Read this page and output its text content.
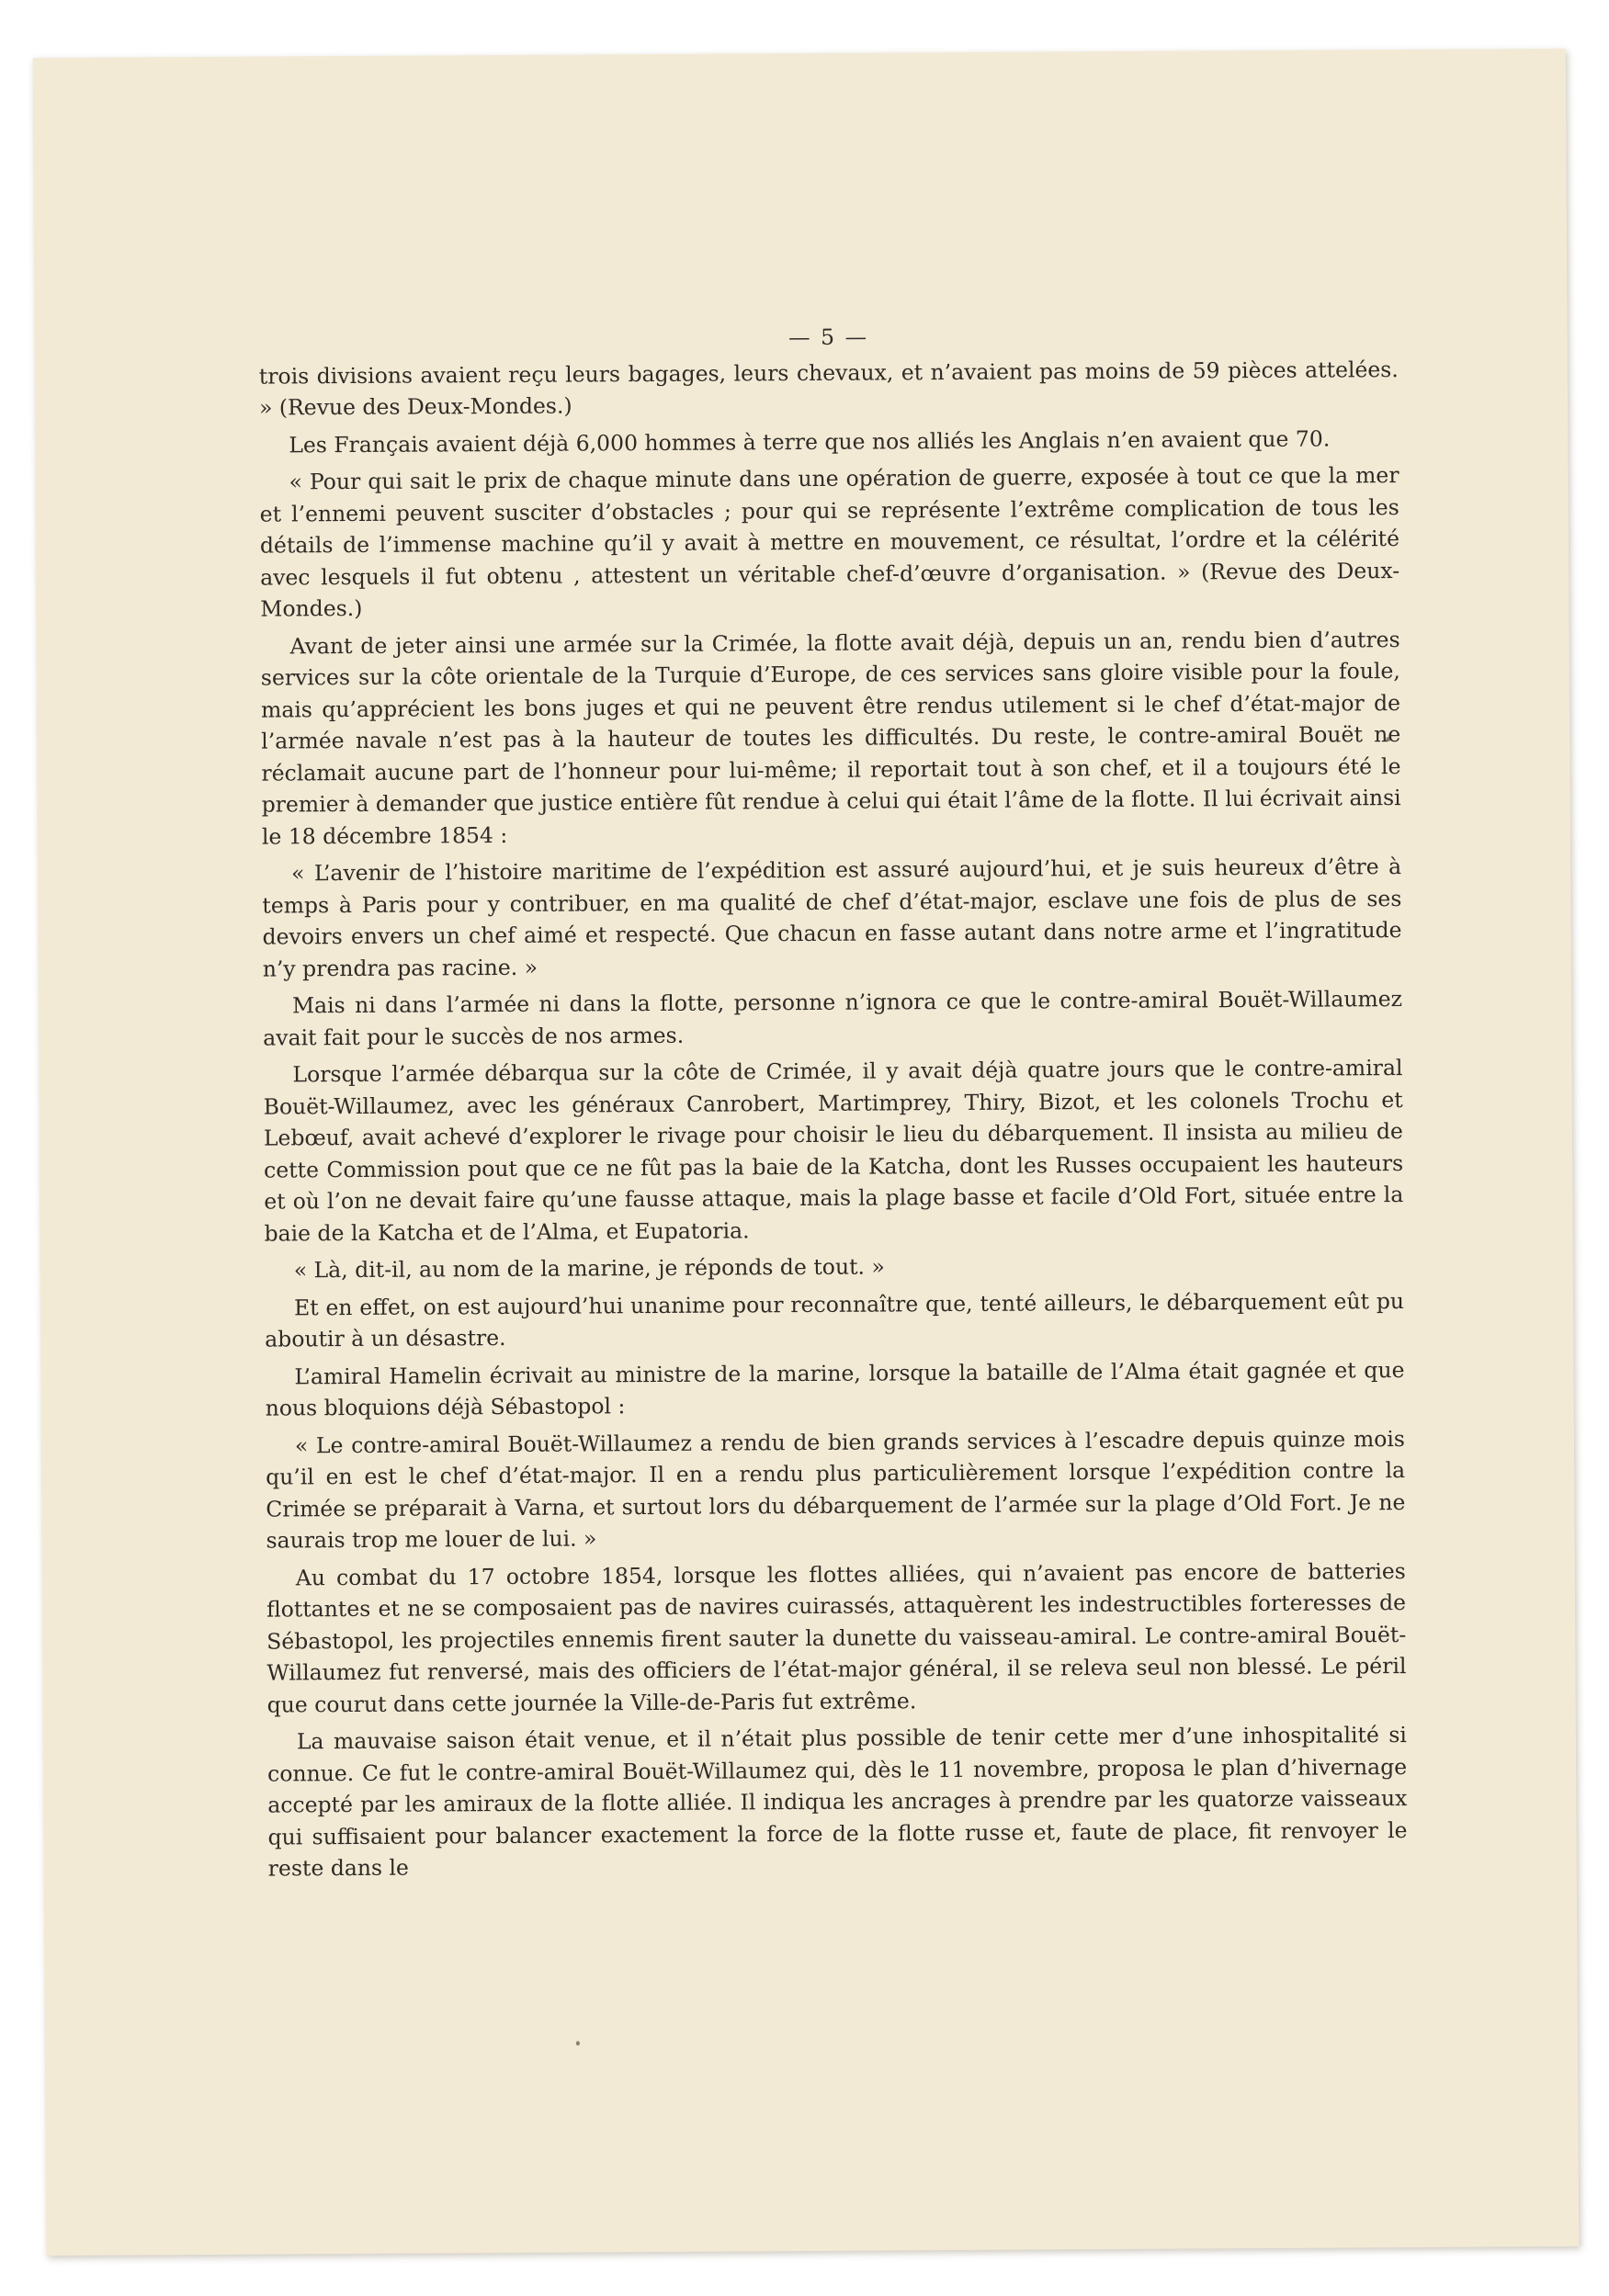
— 5 —

trois divisions avaient reçu leurs bagages, leurs chevaux, et n’avaient pas moins de 59 pièces attelées. » (Revue des Deux-Mondes.)

Les Français avaient déjà 6,000 hommes à terre que nos alliés les Anglais n’en avaient que 70.

« Pour qui sait le prix de chaque minute dans une opération de guerre, exposée à tout ce que la mer et l’ennemi peuvent susciter d’obstacles ; pour qui se représente l’extrême complication de tous les détails de l’immense machine qu’il y avait à mettre en mouvement, ce résultat, l’ordre et la célérité avec lesquels il fut obtenu , attestent un véritable chef-d’œuvre d’organisation. » (Revue des Deux-Mondes.)

Avant de jeter ainsi une armée sur la Crimée, la flotte avait déjà, depuis un an, rendu bien d’autres services sur la côte orientale de la Turquie d’Europe, de ces services sans gloire visible pour la foule, mais qu’apprécient les bons juges et qui ne peuvent être rendus utilement si le chef d’état-major de l’armée navale n’est pas à la hauteur de toutes les difficultés. Du reste, le contre-amiral Bouët ne réclamait aucune part de l’honneur pour lui-même; il reportait tout à son chef, et il a toujours été le premier à demander que justice entière fût rendue à celui qui était l’âme de la flotte. Il lui écrivait ainsi le 18 décembre 1854 :

« L’avenir de l’histoire maritime de l’expédition est assuré aujourd’hui, et je suis heureux d’être à temps à Paris pour y contribuer, en ma qualité de chef d’état-major, esclave une fois de plus de ses devoirs envers un chef aimé et respecté. Que chacun en fasse autant dans notre arme et l’ingratitude n’y prendra pas racine. »

Mais ni dans l’armée ni dans la flotte, personne n’ignora ce que le contre-amiral Bouët-Willaumez avait fait pour le succès de nos armes.

Lorsque l’armée débarqua sur la côte de Crimée, il y avait déjà quatre jours que le contre-amiral Bouët-Willaumez, avec les généraux Canrobert, Martimprey, Thiry, Bizot, et les colonels Trochu et Lebœuf, avait achevé d’explorer le rivage pour choisir le lieu du débarquement. Il insista au milieu de cette Commission pout que ce ne fût pas la baie de la Katcha, dont les Russes occupaient les hauteurs et où l’on ne devait faire qu’une fausse attaque, mais la plage basse et facile d’Old Fort, située entre la baie de la Katcha et de l’Alma, et Eupatoria.

« Là, dit-il, au nom de la marine, je réponds de tout. »

Et en effet, on est aujourd’hui unanime pour reconnaître que, tenté ailleurs, le débarquement eût pu aboutir à un désastre.

L’amiral Hamelin écrivait au ministre de la marine, lorsque la bataille de l’Alma était gagnée et que nous bloquions déjà Sébastopol :

« Le contre-amiral Bouët-Willaumez a rendu de bien grands services à l’escadre depuis quinze mois qu’il en est le chef d’état-major. Il en a rendu plus particulièrement lorsque l’expédition contre la Crimée se préparait à Varna, et surtout lors du débarquement de l’armée sur la plage d’Old Fort. Je ne saurais trop me louer de lui. »

Au combat du 17 octobre 1854, lorsque les flottes alliées, qui n’avaient pas encore de batteries flottantes et ne se composaient pas de navires cuirassés, attaquèrent les indestructibles forteresses de Sébastopol, les projectiles ennemis firent sauter la dunette du vaisseau-amiral. Le contre-amiral Bouët-Willaumez fut renversé, mais des officiers de l’état-major général, il se releva seul non blessé. Le péril que courut dans cette journée la Ville-de-Paris fut extrême.

La mauvaise saison était venue, et il n’était plus possible de tenir cette mer d’une inhospitalité si connue. Ce fut le contre-amiral Bouët-Willaumez qui, dès le 11 novembre, proposa le plan d’hivernage accepté par les amiraux de la flotte alliée. Il indiqua les ancrages à prendre par les quatorze vaisseaux qui suffisaient pour balancer exactement la force de la flotte russe et, faute de place, fit renvoyer le reste dans le
